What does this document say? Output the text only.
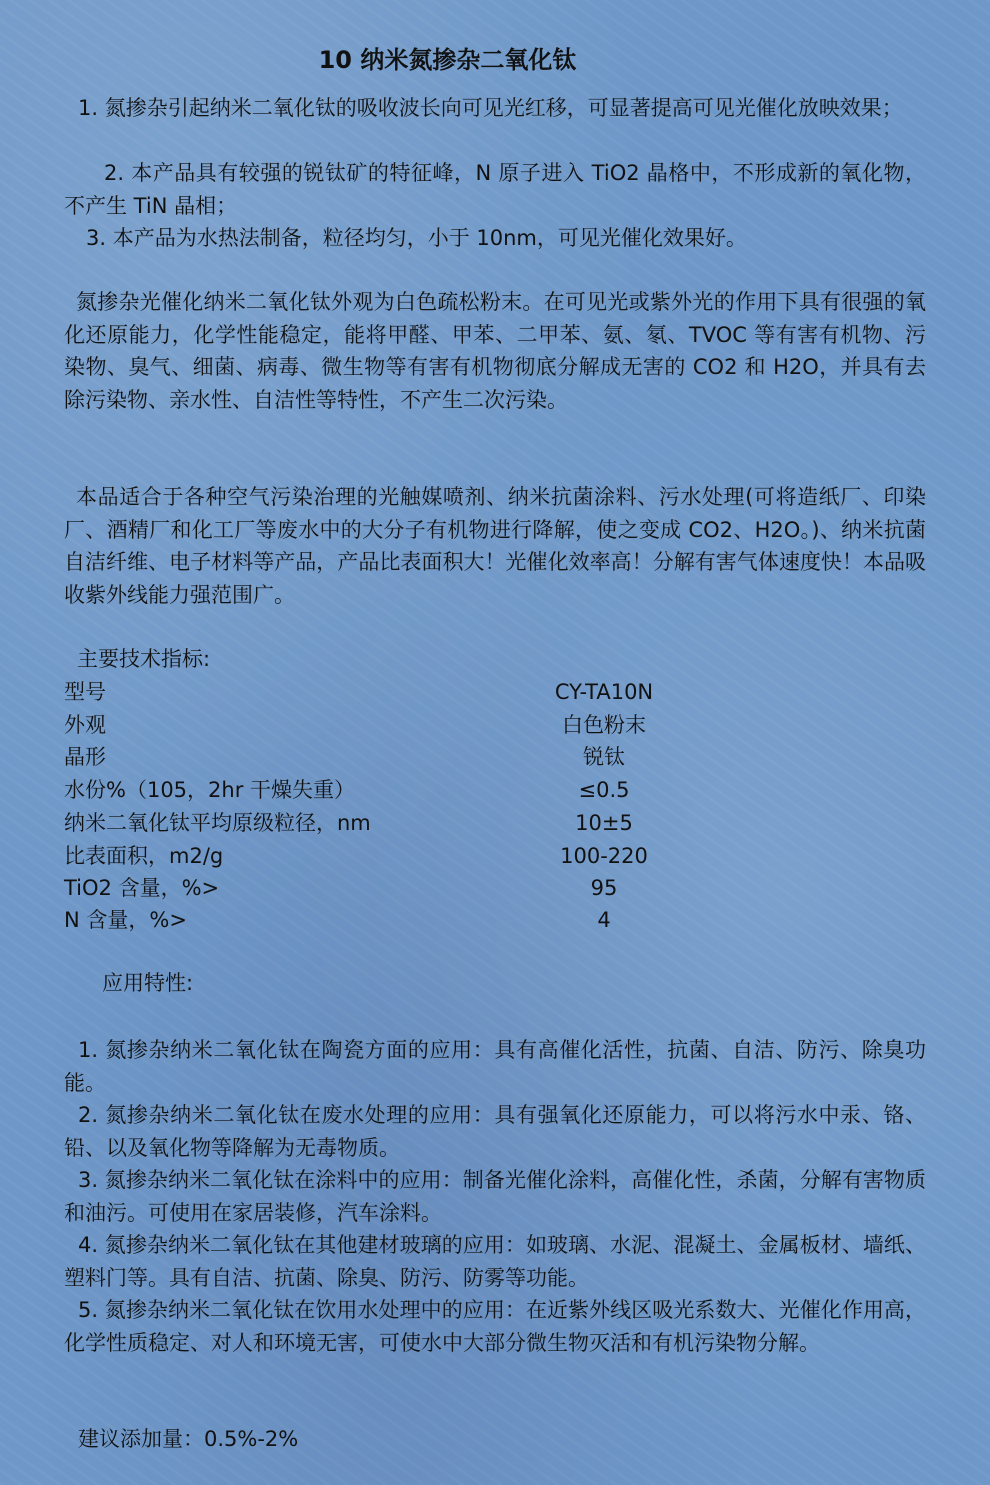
10 纳米氮掺杂二氧化钛
1. 氮掺杂引起纳米二氧化钛的吸收波长向可见光红移，可显著提高可见光催化放映效果；
2. 本产品具有较强的锐钛矿的特征峰，N 原子进入 TiO2 晶格中，不形成新的氧化物，不产生 TiN 晶相；
3. 本产品为水热法制备，粒径均匀，小于 10nm，可见光催化效果好。
氮掺杂光催化纳米二氧化钛外观为白色疏松粉末。在可见光或紫外光的作用下具有很强的氧化还原能力，化学性能稳定，能将甲醛、甲苯、二甲苯、氨、氡、TVOC 等有害有机物、污染物、臭气、细菌、病毒、微生物等有害有机物彻底分解成无害的 CO2 和 H2O，并具有去除污染物、亲水性、自洁性等特性，不产生二次污染。
本品适合于各种空气污染治理的光触媒喷剂、纳米抗菌涂料、污水处理(可将造纸厂、印染厂、酒精厂和化工厂等废水中的大分子有机物进行降解，使之变成 CO2、H2O。)、纳米抗菌自洁纤维、电子材料等产品，产品比表面积大！光催化效率高！分解有害气体速度快！本品吸收紫外线能力强范围广。
主要技术指标:
型号	CY-TA10N
外观	白色粉末
晶形	锐钛
水份%（105，2hr 干燥失重）	≤0.5
纳米二氧化钛平均原级粒径，nm	10±5
比表面积，m2/g	100-220
TiO2 含量，%>	95
N 含量，%>	4
应用特性:
1. 氮掺杂纳米二氧化钛在陶瓷方面的应用：具有高催化活性，抗菌、自洁、防污、除臭功能。
2. 氮掺杂纳米二氧化钛在废水处理的应用：具有强氧化还原能力，可以将污水中汞、铬、铅、以及氧化物等降解为无毒物质。
3. 氮掺杂纳米二氧化钛在涂料中的应用：制备光催化涂料，高催化性，杀菌，分解有害物质和油污。可使用在家居装修，汽车涂料。
4. 氮掺杂纳米二氧化钛在其他建材玻璃的应用：如玻璃、水泥、混凝土、金属板材、墙纸、塑料门等。具有自洁、抗菌、除臭、防污、防雾等功能。
5. 氮掺杂纳米二氧化钛在饮用水处理中的应用：在近紫外线区吸光系数大、光催化作用高，化学性质稳定、对人和环境无害，可使水中大部分微生物灭活和有机污染物分解。
建议添加量：0.5%-2%
